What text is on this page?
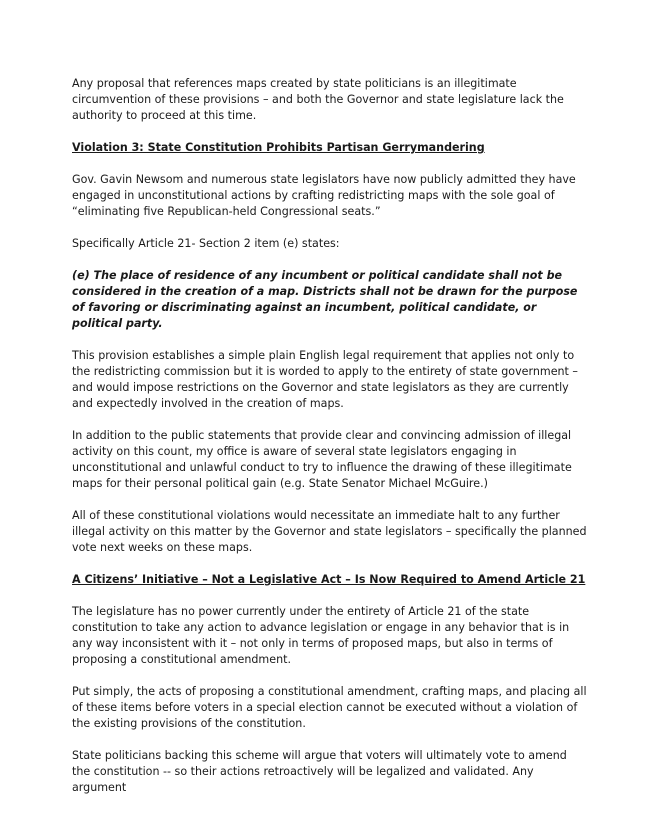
Any proposal that references maps created by state politicians is an illegitimate circumvention of these provisions – and both the Governor and state legislature lack the authority to proceed at this time.

Violation 3: State Constitution Prohibits Partisan Gerrymandering

Gov. Gavin Newsom and numerous state legislators have now publicly admitted they have engaged in unconstitutional actions by crafting redistricting maps with the sole goal of “eliminating five Republican-held Congressional seats.”

Specifically Article 21- Section 2 item (e) states:

(e) The place of residence of any incumbent or political candidate shall not be considered in the creation of a map. Districts shall not be drawn for the purpose of favoring or discriminating against an incumbent, political candidate, or political party.

This provision establishes a simple plain English legal requirement that applies not only to the redistricting commission but it is worded to apply to the entirety of state government – and would impose restrictions on the Governor and state legislators as they are currently and expectedly involved in the creation of maps.

In addition to the public statements that provide clear and convincing admission of illegal activity on this count, my office is aware of several state legislators engaging in unconstitutional and unlawful conduct to try to influence the drawing of these illegitimate maps for their personal political gain (e.g. State Senator Michael McGuire.)

All of these constitutional violations would necessitate an immediate halt to any further illegal activity on this matter by the Governor and state legislators – specifically the planned vote next weeks on these maps.

A Citizens’ Initiative – Not a Legislative Act – Is Now Required to Amend Article 21

The legislature has no power currently under the entirety of Article 21 of the state constitution to take any action to advance legislation or engage in any behavior that is in any way inconsistent with it – not only in terms of proposed maps, but also in terms of proposing a constitutional amendment.

Put simply, the acts of proposing a constitutional amendment, crafting maps, and placing all of these items before voters in a special election cannot be executed without a violation of the existing provisions of the constitution.

State politicians backing this scheme will argue that voters will ultimately vote to amend the constitution -- so their actions retroactively will be legalized and validated. Any argument
